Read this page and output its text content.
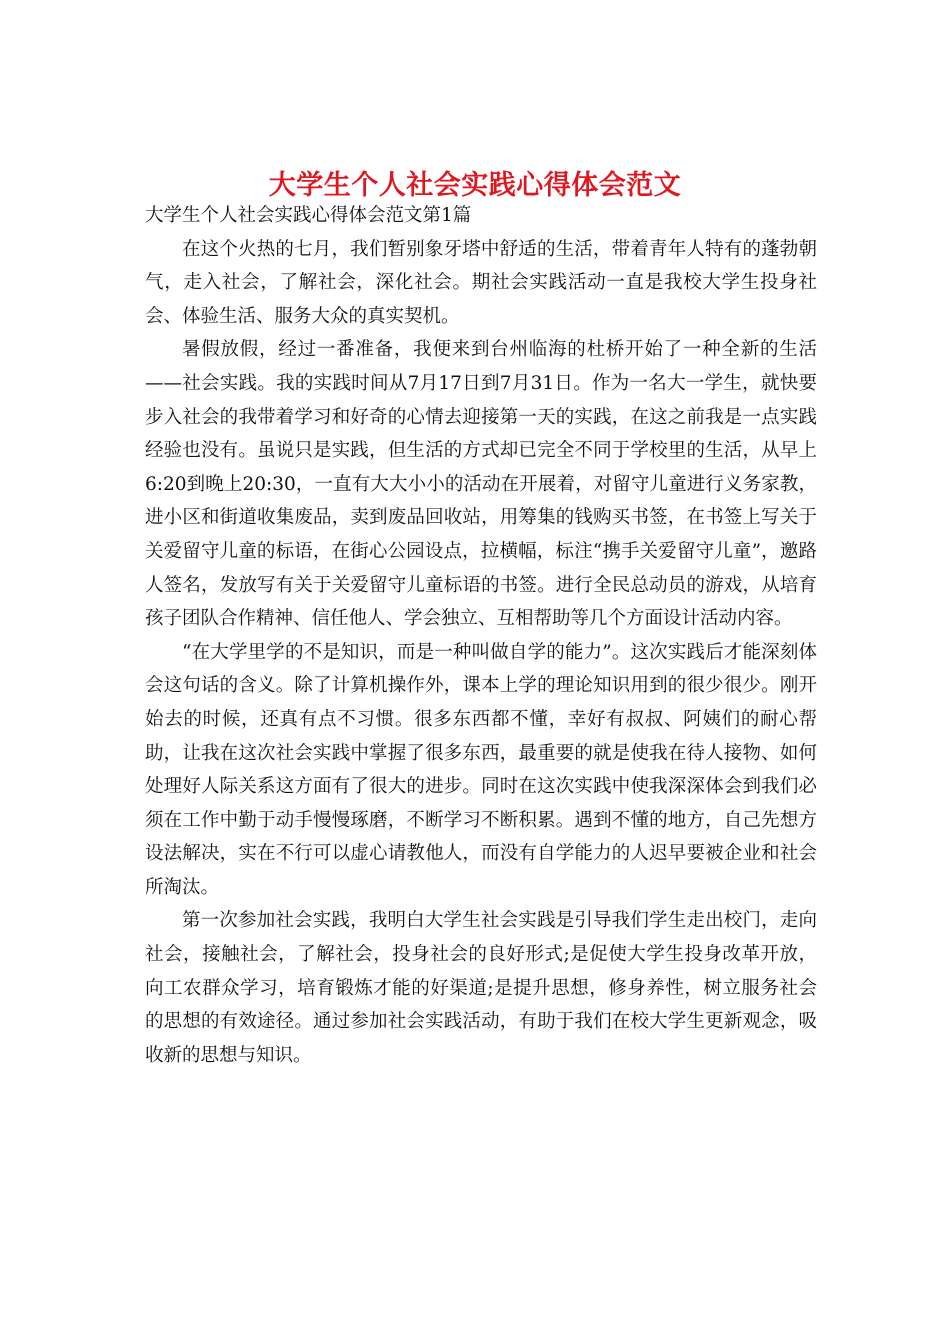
大学生个人社会实践心得体会范文

大学生个人社会实践心得体会范文第1篇

在这个火热的七月，我们暂别象牙塔中舒适的生活，带着青年人特有的蓬勃朝气，走入社会，了解社会，深化社会。期社会实践活动一直是我校大学生投身社会、体验生活、服务大众的真实契机。

暑假放假，经过一番准备，我便来到台州临海的杜桥开始了一种全新的生活——社会实践。我的实践时间从7月17日到7月31日。作为一名大一学生，就快要步入社会的我带着学习和好奇的心情去迎接第一天的实践，在这之前我是一点实践经验也没有。虽说只是实践，但生活的方式却已完全不同于学校里的生活，从早上6:20到晚上20:30，一直有大大小小的活动在开展着，对留守儿童进行义务家教，进小区和街道收集废品，卖到废品回收站，用筹集的钱购买书签，在书签上写关于关爱留守儿童的标语，在街心公园设点，拉横幅，标注“携手关爱留守儿童”，邀路人签名，发放写有关于关爱留守儿童标语的书签。进行全民总动员的游戏，从培育孩子团队合作精神、信任他人、学会独立、互相帮助等几个方面设计活动内容。

“在大学里学的不是知识，而是一种叫做自学的能力”。这次实践后才能深刻体会这句话的含义。除了计算机操作外，课本上学的理论知识用到的很少很少。刚开始去的时候，还真有点不习惯。很多东西都不懂，幸好有叔叔、阿姨们的耐心帮助，让我在这次社会实践中掌握了很多东西，最重要的就是使我在待人接物、如何处理好人际关系这方面有了很大的进步。同时在这次实践中使我深深体会到我们必须在工作中勤于动手慢慢琢磨，不断学习不断积累。遇到不懂的地方，自己先想方设法解决，实在不行可以虚心请教他人，而没有自学能力的人迟早要被企业和社会所淘汰。

第一次参加社会实践，我明白大学生社会实践是引导我们学生走出校门，走向社会，接触社会，了解社会，投身社会的良好形式;是促使大学生投身改革开放，向工农群众学习，培育锻炼才能的好渠道;是提升思想，修身养性，树立服务社会的思想的有效途径。通过参加社会实践活动，有助于我们在校大学生更新观念，吸收新的思想与知识。
